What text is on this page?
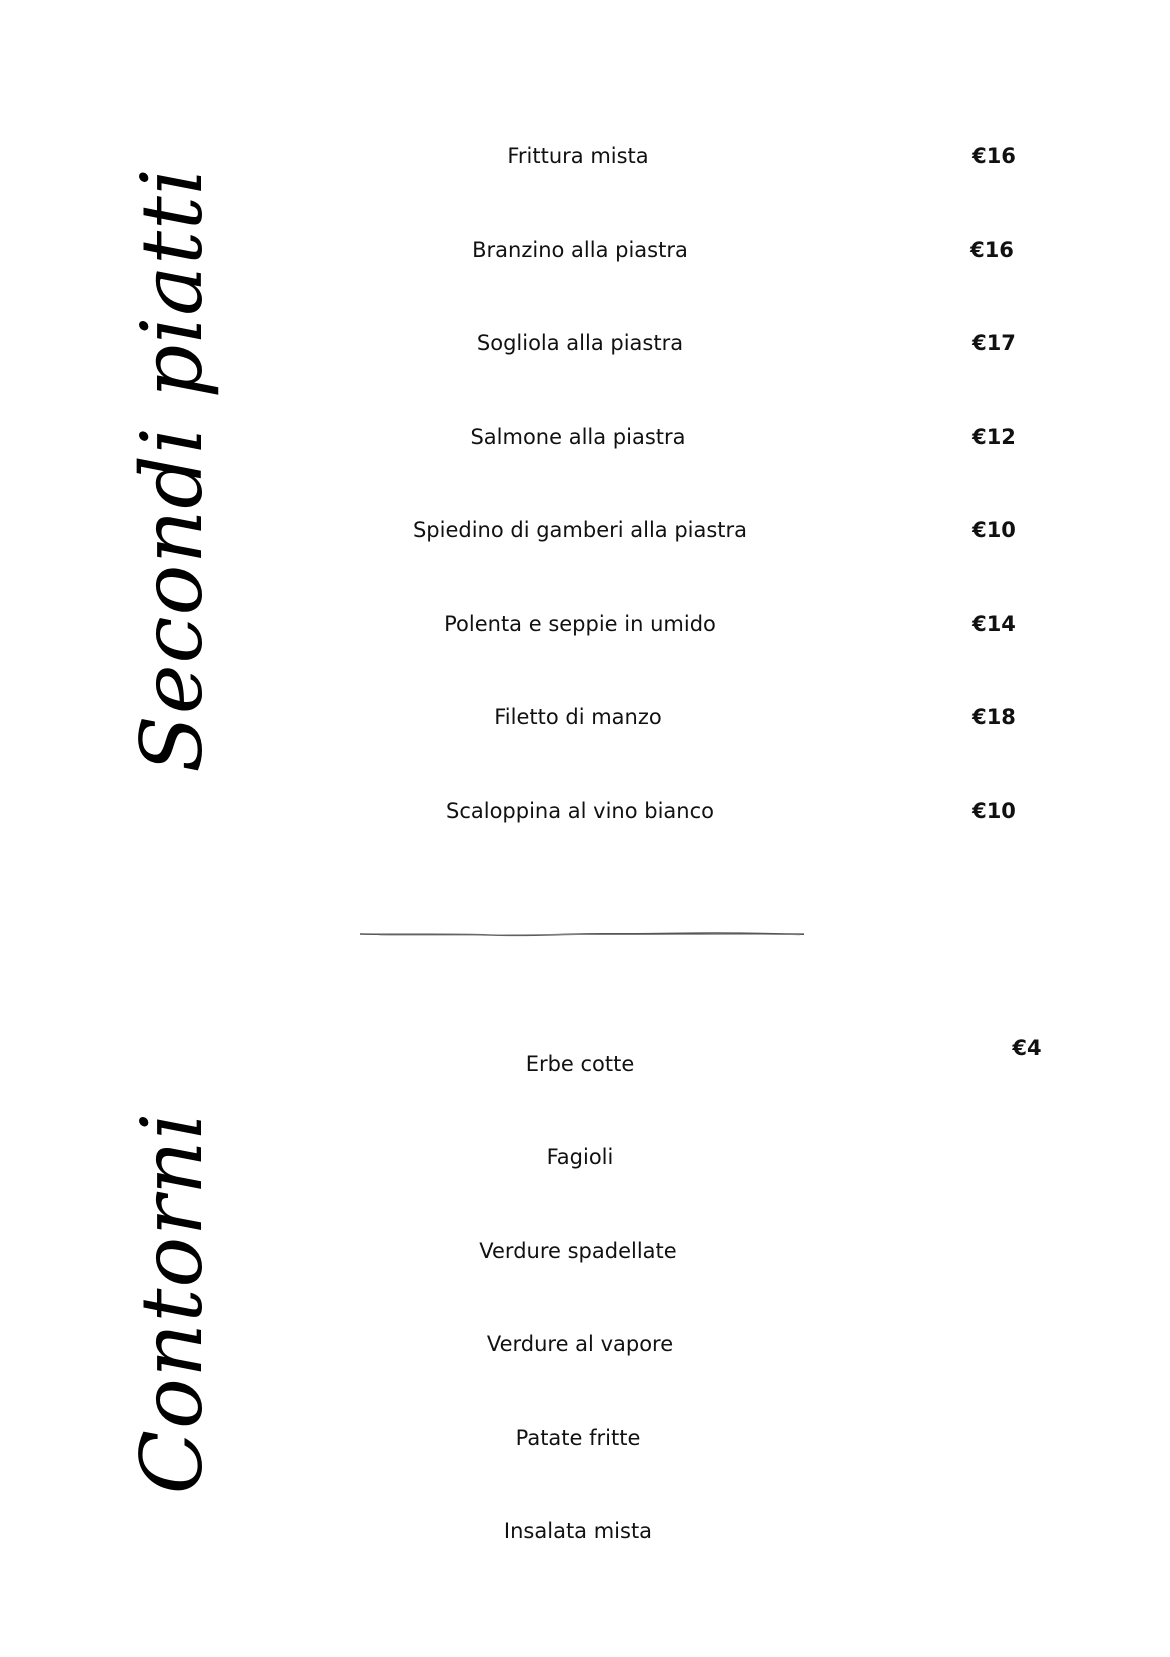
Secondi piatti
Frittura mista	€16
Branzino alla piastra	€16
Sogliola alla piastra	€17
Salmone alla piastra	€12
Spiedino di gamberi alla piastra	€10
Polenta e seppie in umido	€14
Filetto di manzo	€18
Scaloppina al vino bianco	€10
Contorni
€4
Erbe cotte
Fagioli
Verdure spadellate
Verdure al vapore
Patate fritte
Insalata mista
